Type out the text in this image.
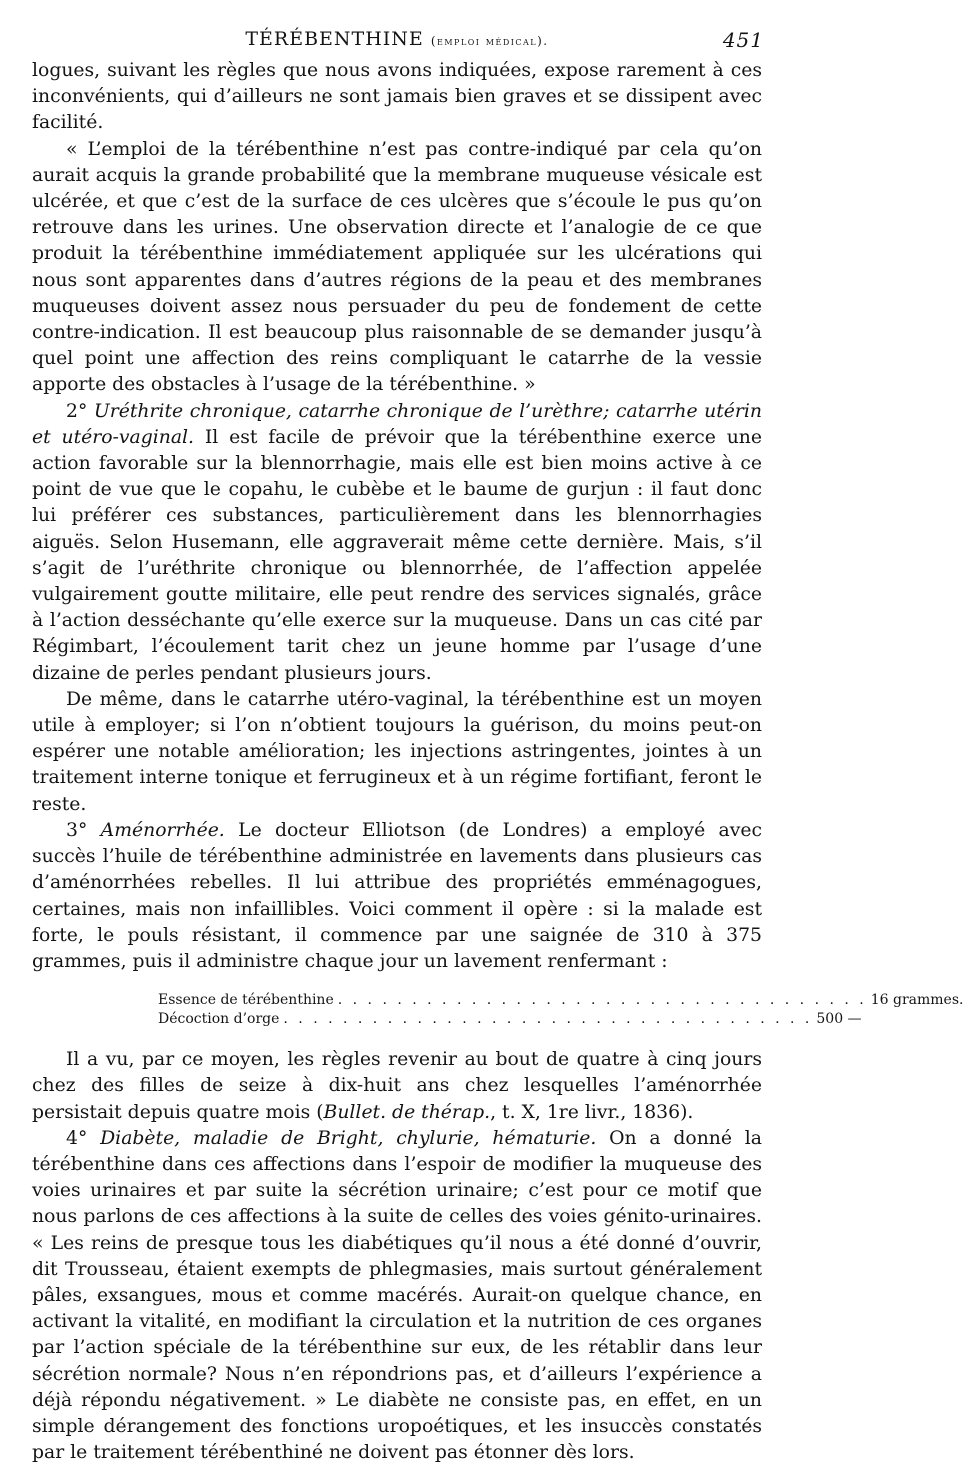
TÉRÉBENTHINE (emploi médical).	451

logues, suivant les règles que nous avons indiquées, expose rarement à ces inconvénients, qui d’ailleurs ne sont jamais bien graves et se dissipent avec facilité.

« L’emploi de la térébenthine n’est pas contre-indiqué par cela qu’on aurait acquis la grande probabilité que la membrane muqueuse vésicale est ulcérée, et que c’est de la surface de ces ulcères que s’écoule le pus qu’on retrouve dans les urines. Une observation directe et l’analogie de ce que produit la térébenthine immédiatement appliquée sur les ulcérations qui nous sont apparentes dans d’autres régions de la peau et des membranes muqueuses doivent assez nous persuader du peu de fondement de cette contre-indication. Il est beaucoup plus raisonnable de se demander jusqu’à quel point une affection des reins compliquant le catarrhe de la vessie apporte des obstacles à l’usage de la térébenthine. »

2° Uréthrite chronique, catarrhe chronique de l’urèthre; catarrhe utérin et utéro-vaginal. Il est facile de prévoir que la térébenthine exerce une action favorable sur la blennorrhagie, mais elle est bien moins active à ce point de vue que le copahu, le cubèbe et le baume de gurjun : il faut donc lui préférer ces substances, particulièrement dans les blennorrhagies aiguës. Selon Husemann, elle aggraverait même cette dernière. Mais, s’il s’agit de l’uréthrite chronique ou blennorrhée, de l’affection appelée vulgairement goutte militaire, elle peut rendre des services signalés, grâce à l’action desséchante qu’elle exerce sur la muqueuse. Dans un cas cité par Régimbart, l’écoulement tarit chez un jeune homme par l’usage d’une dizaine de perles pendant plusieurs jours.

De même, dans le catarrhe utéro-vaginal, la térébenthine est un moyen utile à employer; si l’on n’obtient toujours la guérison, du moins peut-on espérer une notable amélioration; les injections astringentes, jointes à un traitement interne tonique et ferrugineux et à un régime fortifiant, feront le reste.

3° Aménorrhée. Le docteur Elliotson (de Londres) a employé avec succès l’huile de térébenthine administrée en lavements dans plusieurs cas d’aménorrhées rebelles. Il lui attribue des propriétés emménagogues, certaines, mais non infaillibles. Voici comment il opère : si la malade est forte, le pouls résistant, il commence par une saignée de 310 à 375 grammes, puis il administre chaque jour un lavement renfermant :

Essence de térébenthine . . . . . . . . . . . . . . . . . . . . . . . . . . . . . . . . . . . . 16 grammes.
Décoction d’orge . . . . . . . . . . . . . . . . . . . . . . . . . . . . . . . . . . . . 500 —

Il a vu, par ce moyen, les règles revenir au bout de quatre à cinq jours chez des filles de seize à dix-huit ans chez lesquelles l’aménorrhée persistait depuis quatre mois (Bullet. de thérap., t. X, 1re livr., 1836).

4° Diabète, maladie de Bright, chylurie, hématurie. On a donné la térébenthine dans ces affections dans l’espoir de modifier la muqueuse des voies urinaires et par suite la sécrétion urinaire; c’est pour ce motif que nous parlons de ces affections à la suite de celles des voies génito-urinaires. « Les reins de presque tous les diabétiques qu’il nous a été donné d’ouvrir, dit Trousseau, étaient exempts de phlegmasies, mais surtout généralement pâles, exsangues, mous et comme macérés. Aurait-on quelque chance, en activant la vitalité, en modifiant la circulation et la nutrition de ces organes par l’action spéciale de la térébenthine sur eux, de les rétablir dans leur sécrétion normale? Nous n’en répondrions pas, et d’ailleurs l’expérience a déjà répondu négativement. » Le diabète ne consiste pas, en effet, en un simple dérangement des fonctions uropoétiques, et les insuccès constatés par le traitement térébenthiné ne doivent pas étonner dès lors.
